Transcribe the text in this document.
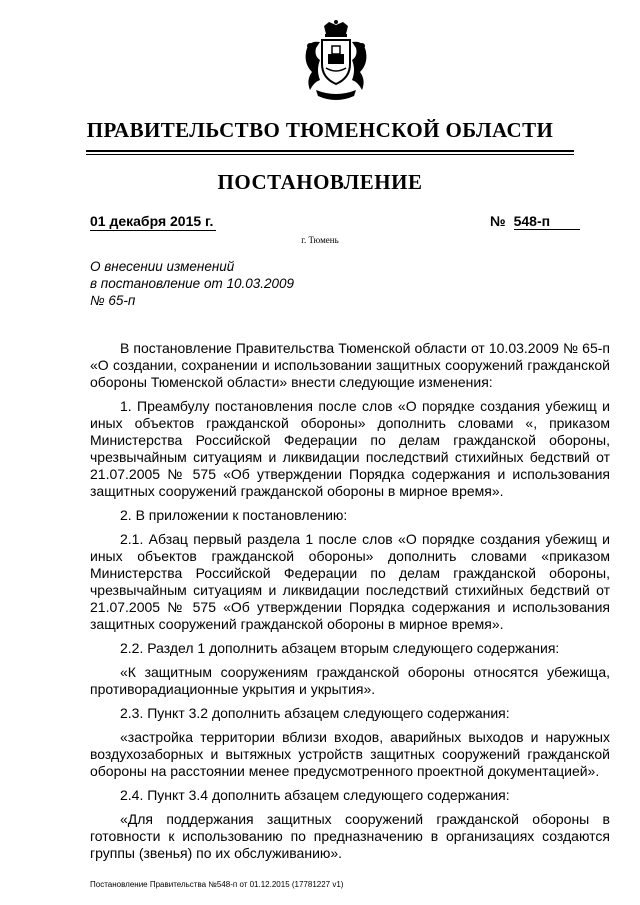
ПРАВИТЕЛЬСТВО ТЮМЕНСКОЙ ОБЛАСТИ
ПОСТАНОВЛЕНИЕ
01 декабря 2015 г.	№ 548-п
г. Тюмень
О внесении изменений
в постановление от 10.03.2009
№ 65-п

В постановление Правительства Тюменской области от 10.03.2009 № 65-п «О создании, сохранении и использовании защитных сооружений гражданской обороны Тюменской области» внести следующие изменения:

1. Преамбулу постановления после слов «О порядке создания убежищ и иных объектов гражданской обороны» дополнить словами «, приказом Министерства Российской Федерации по делам гражданской обороны, чрезвычайным ситуациям и ликвидации последствий стихийных бедствий от 21.07.2005 № 575 «Об утверждении Порядка содержания и использования защитных сооружений гражданской обороны в мирное время».

2. В приложении к постановлению:

2.1. Абзац первый раздела 1 после слов «О порядке создания убежищ и иных объектов гражданской обороны» дополнить словами «приказом Министерства Российской Федерации по делам гражданской обороны, чрезвычайным ситуациям и ликвидации последствий стихийных бедствий от 21.07.2005 № 575 «Об утверждении Порядка содержания и использования защитных сооружений гражданской обороны в мирное время».

2.2. Раздел 1 дополнить абзацем вторым следующего содержания:

«К защитным сооружениям гражданской обороны относятся убежища, противорадиационные укрытия и укрытия».

2.3. Пункт 3.2 дополнить абзацем следующего содержания:

«застройка территории вблизи входов, аварийных выходов и наружных воздухозаборных и вытяжных устройств защитных сооружений гражданской обороны на расстоянии менее предусмотренного проектной документацией».

2.4. Пункт 3.4 дополнить абзацем следующего содержания:

«Для поддержания защитных сооружений гражданской обороны в готовности к использованию по предназначению в организациях создаются группы (звенья) по их обслуживанию».

Постановление Правительства №548-п от 01.12.2015 (17781227 v1)
